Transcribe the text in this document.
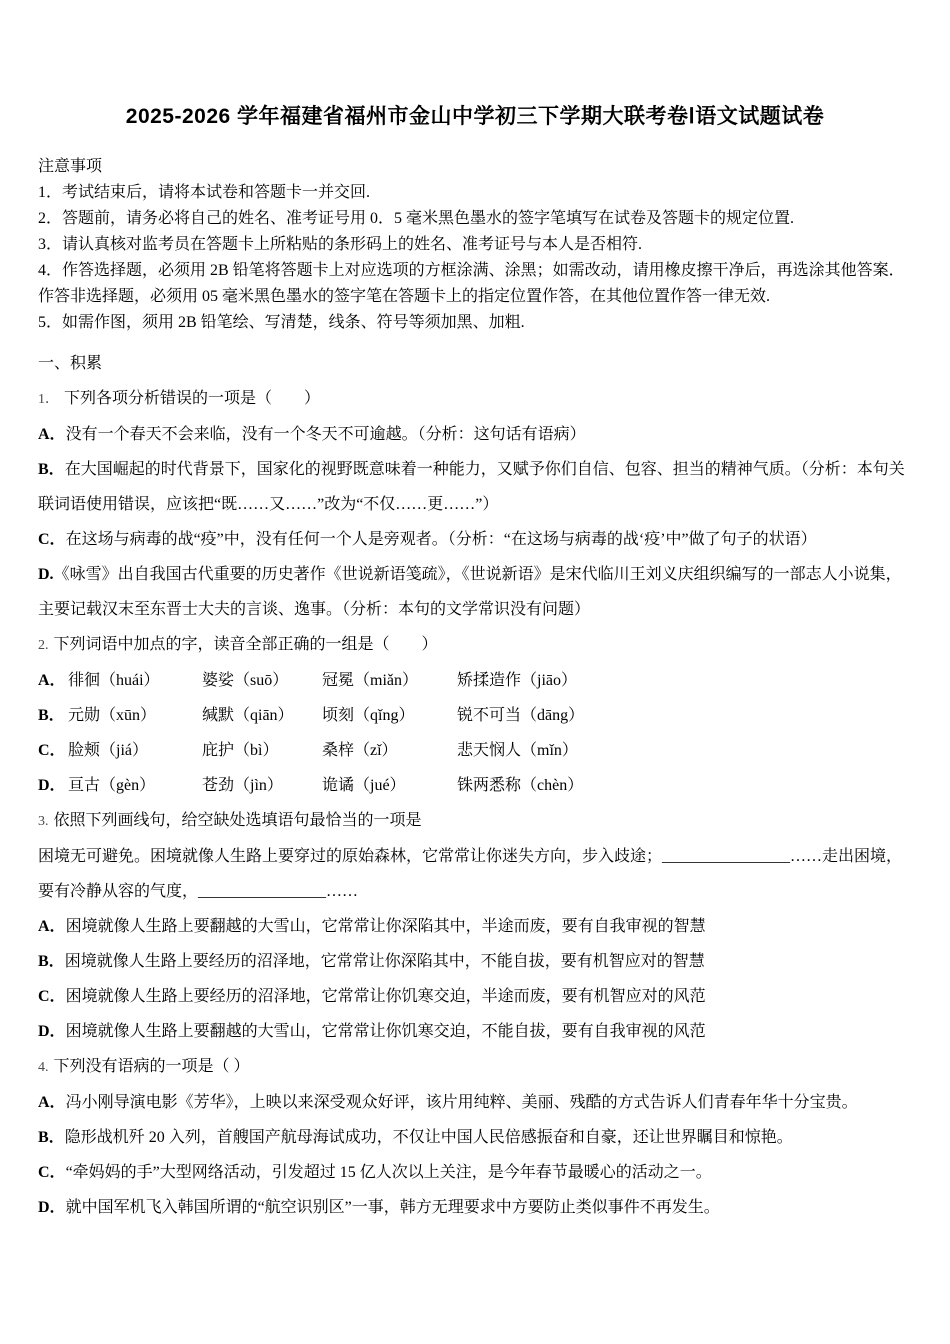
2025-2026 学年福建省福州市金山中学初三下学期大联考卷Ⅰ语文试题试卷

注意事项

1．考试结束后，请将本试卷和答题卡一并交回.

2．答题前，请务必将自己的姓名、准考证号用 0．5 毫米黑色墨水的签字笔填写在试卷及答题卡的规定位置.

3．请认真核对监考员在答题卡上所粘贴的条形码上的姓名、准考证号与本人是否相符.

4．作答选择题，必须用 2B 铅笔将答题卡上对应选项的方框涂满、涂黑；如需改动，请用橡皮擦干净后，再选涂其他答案．作答非选择题，必须用 05 毫米黑色墨水的签字笔在答题卡上的指定位置作答，在其他位置作答一律无效.

5．如需作图，须用 2B 铅笔绘、写清楚，线条、符号等须加黑、加粗.

一、积累

1． 下列各项分析错误的一项是（　　）

A．没有一个春天不会来临，没有一个冬天不可逾越。（分析：这句话有语病）

B．在大国崛起的时代背景下，国家化的视野既意味着一种能力，又赋予你们自信、包容、担当的精神气质。（分析：本句关联词语使用错误，应该把“既……又……”改为“不仅……更……”）

C．在这场与病毒的战“疫”中，没有任何一个人是旁观者。（分析：“在这场与病毒的战‘疫’中”做了句子的状语）

D.《咏雪》出自我国古代重要的历史著作《世说新语笺疏》，《世说新语》是宋代临川王刘义庆组织编写的一部志人小说集，主要记载汉末至东晋士大夫的言谈、逸事。（分析：本句的文学常识没有问题）

2. 下列词语中加点的字，读音全部正确的一组是（　　）

A． 徘徊（huái）	婆娑（suō）	冠冕（miǎn）	矫揉造作（jiāo）
B． 元勋（xūn）	缄默（qiān）	顷刻（qǐng）	锐不可当（dāng）
C． 脸颊（jiá）	庇护（bì）	桑梓（zǐ）	悲天悯人（mǐn）
D． 亘古（gèn）	苍劲（jìn）	诡谲（jué）	铢两悉称（chèn）

3. 依照下列画线句，给空缺处选填语句最恰当的一项是

困境无可避免。困境就像人生路上要穿过的原始森林，它常常让你迷失方向，步入歧途；________________……走出困境，要有冷静从容的气度，________________……

A．困境就像人生路上要翻越的大雪山，它常常让你深陷其中，半途而废，要有自我审视的智慧

B．困境就像人生路上要经历的沼泽地，它常常让你深陷其中，不能自拔，要有机智应对的智慧

C．困境就像人生路上要经历的沼泽地，它常常让你饥寒交迫，半途而废，要有机智应对的风范

D．困境就像人生路上要翻越的大雪山，它常常让你饥寒交迫，不能自拔，要有自我审视的风范

4. 下列没有语病的一项是（ ）

A．冯小刚导演电影《芳华》，上映以来深受观众好评，该片用纯粹、美丽、残酷的方式告诉人们青春年华十分宝贵。

B．隐形战机歼 20 入列，首艘国产航母海试成功，不仅让中国人民倍感振奋和自豪，还让世界瞩目和惊艳。

C．“牵妈妈的手”大型网络活动，引发超过 15 亿人次以上关注，是今年春节最暖心的活动之一。

D．就中国军机飞入韩国所谓的“航空识别区”一事，韩方无理要求中方要防止类似事件不再发生。
